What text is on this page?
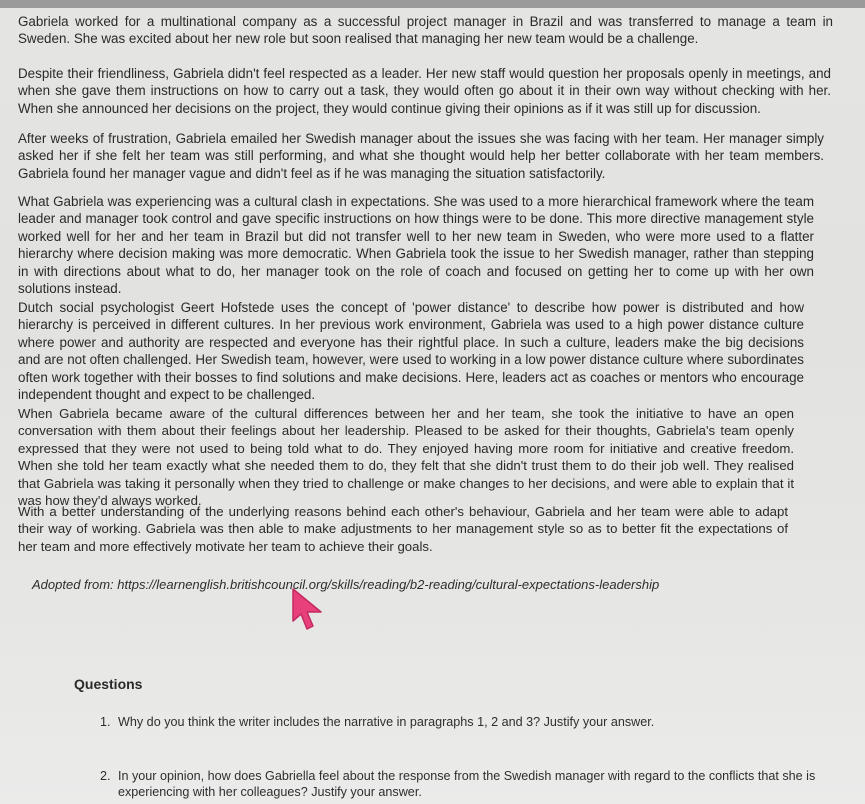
Gabriela worked for a multinational company as a successful project manager in Brazil and was transferred to manage a team in Sweden. She was excited about her new role but soon realised that managing her new team would be a challenge.

Despite their friendliness, Gabriela didn't feel respected as a leader. Her new staff would question her proposals openly in meetings, and when she gave them instructions on how to carry out a task, they would often go about it in their own way without checking with her. When she announced her decisions on the project, they would continue giving their opinions as if it was still up for discussion.

After weeks of frustration, Gabriela emailed her Swedish manager about the issues she was facing with her team. Her manager simply asked her if she felt her team was still performing, and what she thought would help her better collaborate with her team members. Gabriela found her manager vague and didn't feel as if he was managing the situation satisfactorily.

What Gabriela was experiencing was a cultural clash in expectations. She was used to a more hierarchical framework where the team leader and manager took control and gave specific instructions on how things were to be done. This more directive management style worked well for her and her team in Brazil but did not transfer well to her new team in Sweden, who were more used to a flatter hierarchy where decision making was more democratic. When Gabriela took the issue to her Swedish manager, rather than stepping in with directions about what to do, her manager took on the role of coach and focused on getting her to come up with her own solutions instead.

Dutch social psychologist Geert Hofstede uses the concept of 'power distance' to describe how power is distributed and how hierarchy is perceived in different cultures. In her previous work environment, Gabriela was used to a high power distance culture where power and authority are respected and everyone has their rightful place. In such a culture, leaders make the big decisions and are not often challenged. Her Swedish team, however, were used to working in a low power distance culture where subordinates often work together with their bosses to find solutions and make decisions. Here, leaders act as coaches or mentors who encourage independent thought and expect to be challenged.

When Gabriela became aware of the cultural differences between her and her team, she took the initiative to have an open conversation with them about their feelings about her leadership. Pleased to be asked for their thoughts, Gabriela's team openly expressed that they were not used to being told what to do. They enjoyed having more room for initiative and creative freedom. When she told her team exactly what she needed them to do, they felt that she didn't trust them to do their job well. They realised that Gabriela was taking it personally when they tried to challenge or make changes to her decisions, and were able to explain that it was how they'd always worked.

With a better understanding of the underlying reasons behind each other's behaviour, Gabriela and her team were able to adapt their way of working. Gabriela was then able to make adjustments to her management style so as to better fit the expectations of her team and more effectively motivate her team to achieve their goals.

Adopted from: https://learnenglish.britishcouncil.org/skills/reading/b2-reading/cultural-expectations-leadership
Questions

1. Why do you think the writer includes the narrative in paragraphs 1, 2 and 3? Justify your answer.

2. In your opinion, how does Gabriella feel about the response from the Swedish manager with regard to the conflicts that she is
experiencing with her colleagues? Justify your answer.
